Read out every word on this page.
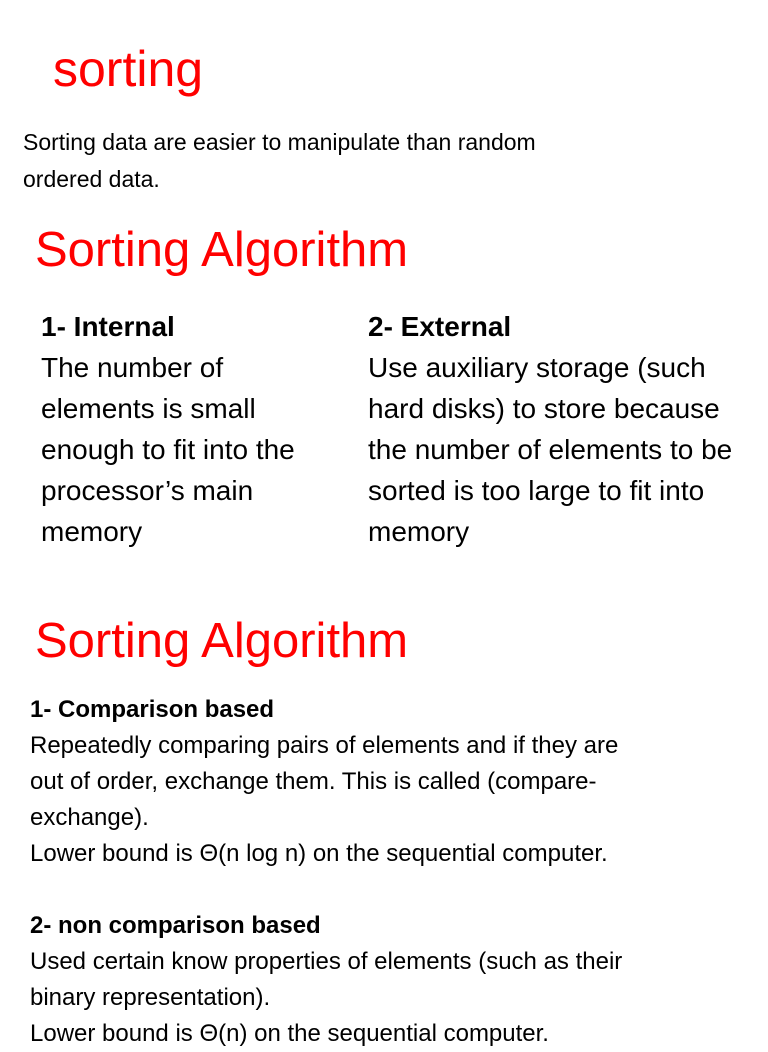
sorting
Sorting data are easier to manipulate than random
ordered data.
Sorting Algorithm
1- Internal
The number of elements is small enough to fit into the processor’s main memory
2- External
Use auxiliary storage (such hard disks) to store because the number of elements to be sorted is too large to fit into memory
Sorting Algorithm
1- Comparison based
Repeatedly comparing pairs of elements and if they are
out of order, exchange them. This is called (compare-
exchange).
Lower bound is Θ(n log n) on the sequential computer.
2- non comparison based
Used certain know properties of elements (such as their
binary representation).
Lower bound is Θ(n) on the sequential computer.
